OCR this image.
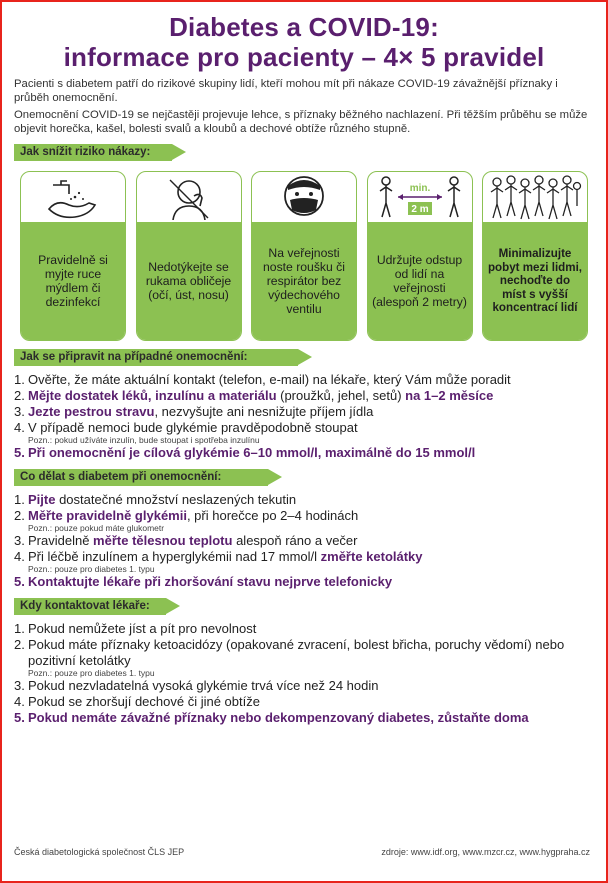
Diabetes a COVID-19:
informace pro pacienty – 4× 5 pravidel

Pacienti s diabetem patří do rizikové skupiny lidí, kteří mohou mít při nákaze COVID-19 závažnější příznaky i průběh onemocnění.

Onemocnění COVID-19 se nejčastěji projevuje lehce, s příznaky běžného nachlazení. Při těžším průběhu se může objevit horečka, kašel, bolesti svalů a kloubů a dechové obtíže různého stupně.

Jak snížit riziko nákazy:
Pravidelně si myjte ruce mýdlem či dezinfekcí
Nedotýkejte se rukama obličeje (očí, úst, nosu)
Na veřejnosti noste roušku či respirátor bez výdechového ventilu
min.
2 m
Udržujte odstup od lidí na veřejnosti (alespoň 2 metry)
Minimalizujte pobyt mezi lidmi, nechoďte do míst s vyšší koncentrací lidí
Jak se připravit na případné onemocnění:
1. Ověřte, že máte aktuální kontakt (telefon, e-mail) na lékaře, který Vám může poradit
2. Mějte dostatek léků, inzulínu a materiálu (proužků, jehel, setů) na 1–2 měsíce
3. Jezte pestrou stravu, nezvyšujte ani nesnižujte příjem jídla
4. V případě nemoci bude glykémie pravděpodobně stoupat
Pozn.: pokud užíváte inzulín, bude stoupat i spotřeba inzulínu
5. Při onemocnění je cílová glykémie 6–10 mmol/l, maximálně do 15 mmol/l
Co dělat s diabetem při onemocnění:
1. Pijte dostatečné množství neslazených tekutin
2. Měřte pravidelně glykémii, při horečce po 2–4 hodinách
Pozn.: pouze pokud máte glukometr
3. Pravidelně měřte tělesnou teplotu alespoň ráno a večer
4. Při léčbě inzulínem a hyperglykémii nad 17 mmol/l změřte ketolátky
Pozn.: pouze pro diabetes 1. typu
5. Kontaktujte lékaře při zhoršování stavu nejprve telefonicky
Kdy kontaktovat lékaře:
1. Pokud nemůžete jíst a pít pro nevolnost
2. Pokud máte příznaky ketoacidózy (opakované zvracení, bolest břicha, poruchy vědomí) nebo pozitivní ketolátky
Pozn.: pouze pro diabetes 1. typu
3. Pokud nezvladatelná vysoká glykémie trvá více než 24 hodin
4. Pokud se zhoršují dechové či jiné obtíže
5. Pokud nemáte závažné příznaky nebo dekompenzovaný diabetes, zůstaňte doma
Česká diabetologická společnost ČLS JEP	zdroje: www.idf.org, www.mzcr.cz, www.hygpraha.cz
